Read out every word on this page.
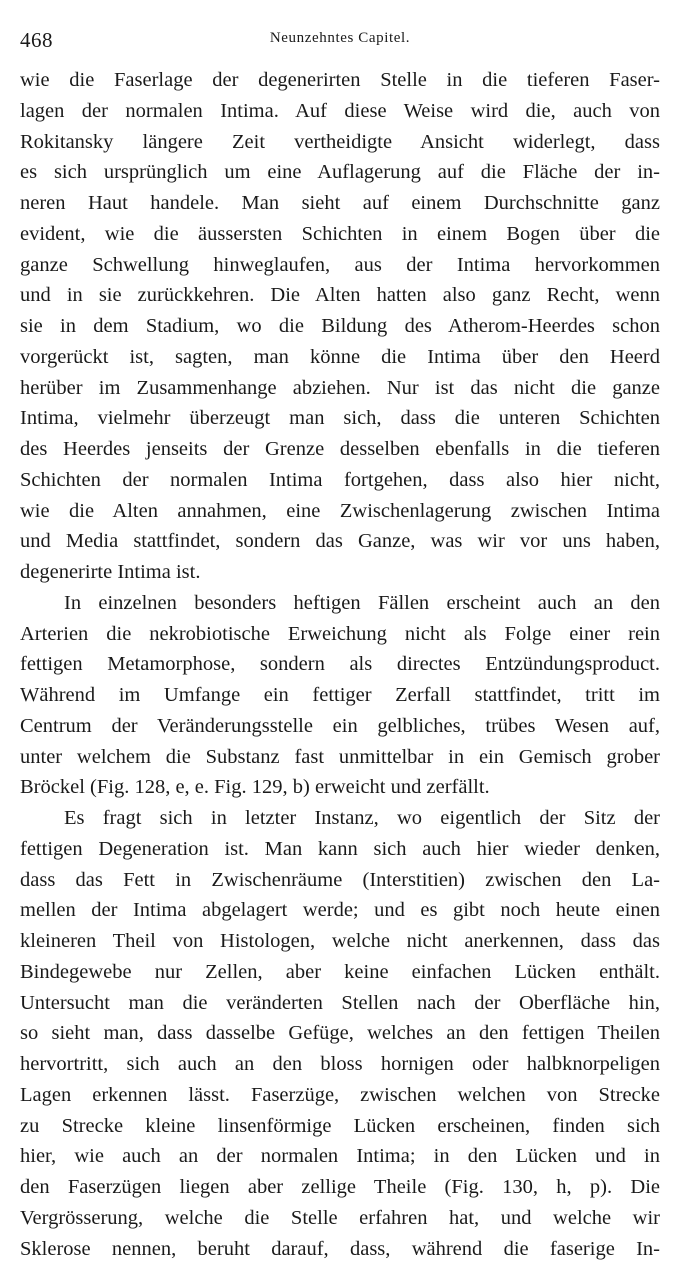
468	Neunzehntes Capitel.
wie die Faserlage der degenerirten Stelle in die tieferen Faser-
lagen der normalen Intima. Auf diese Weise wird die, auch von
Rokitansky längere Zeit vertheidigte Ansicht widerlegt, dass
es sich ursprünglich um eine Auflagerung auf die Fläche der in-
neren Haut handele. Man sieht auf einem Durchschnitte ganz
evident, wie die äussersten Schichten in einem Bogen über die
ganze Schwellung hinweglaufen, aus der Intima hervorkommen
und in sie zurückkehren. Die Alten hatten also ganz Recht, wenn
sie in dem Stadium, wo die Bildung des Atherom-Heerdes schon
vorgerückt ist, sagten, man könne die Intima über den Heerd
herüber im Zusammenhange abziehen. Nur ist das nicht die ganze
Intima, vielmehr überzeugt man sich, dass die unteren Schichten
des Heerdes jenseits der Grenze desselben ebenfalls in die tieferen
Schichten der normalen Intima fortgehen, dass also hier nicht,
wie die Alten annahmen, eine Zwischenlagerung zwischen Intima
und Media stattfindet, sondern das Ganze, was wir vor uns haben,
degenerirte Intima ist.
In einzelnen besonders heftigen Fällen erscheint auch an den
Arterien die nekrobiotische Erweichung nicht als Folge einer rein
fettigen Metamorphose, sondern als directes Entzündungsproduct.
Während im Umfange ein fettiger Zerfall stattfindet, tritt im
Centrum der Veränderungsstelle ein gelbliches, trübes Wesen auf,
unter welchem die Substanz fast unmittelbar in ein Gemisch grober
Bröckel (Fig. 128, e, e. Fig. 129, b) erweicht und zerfällt.
Es fragt sich in letzter Instanz, wo eigentlich der Sitz der
fettigen Degeneration ist. Man kann sich auch hier wieder denken,
dass das Fett in Zwischenräume (Interstitien) zwischen den La-
mellen der Intima abgelagert werde; und es gibt noch heute einen
kleineren Theil von Histologen, welche nicht anerkennen, dass das
Bindegewebe nur Zellen, aber keine einfachen Lücken enthält.
Untersucht man die veränderten Stellen nach der Oberfläche hin,
so sieht man, dass dasselbe Gefüge, welches an den fettigen Theilen
hervortritt, sich auch an den bloss hornigen oder halbknorpeligen
Lagen erkennen lässt. Faserzüge, zwischen welchen von Strecke
zu Strecke kleine linsenförmige Lücken erscheinen, finden sich
hier, wie auch an der normalen Intima; in den Lücken und in
den Faserzügen liegen aber zellige Theile (Fig. 130, h, p). Die
Vergrösserung, welche die Stelle erfahren hat, und welche wir
Sklerose nennen, beruht darauf, dass, während die faserige In-
